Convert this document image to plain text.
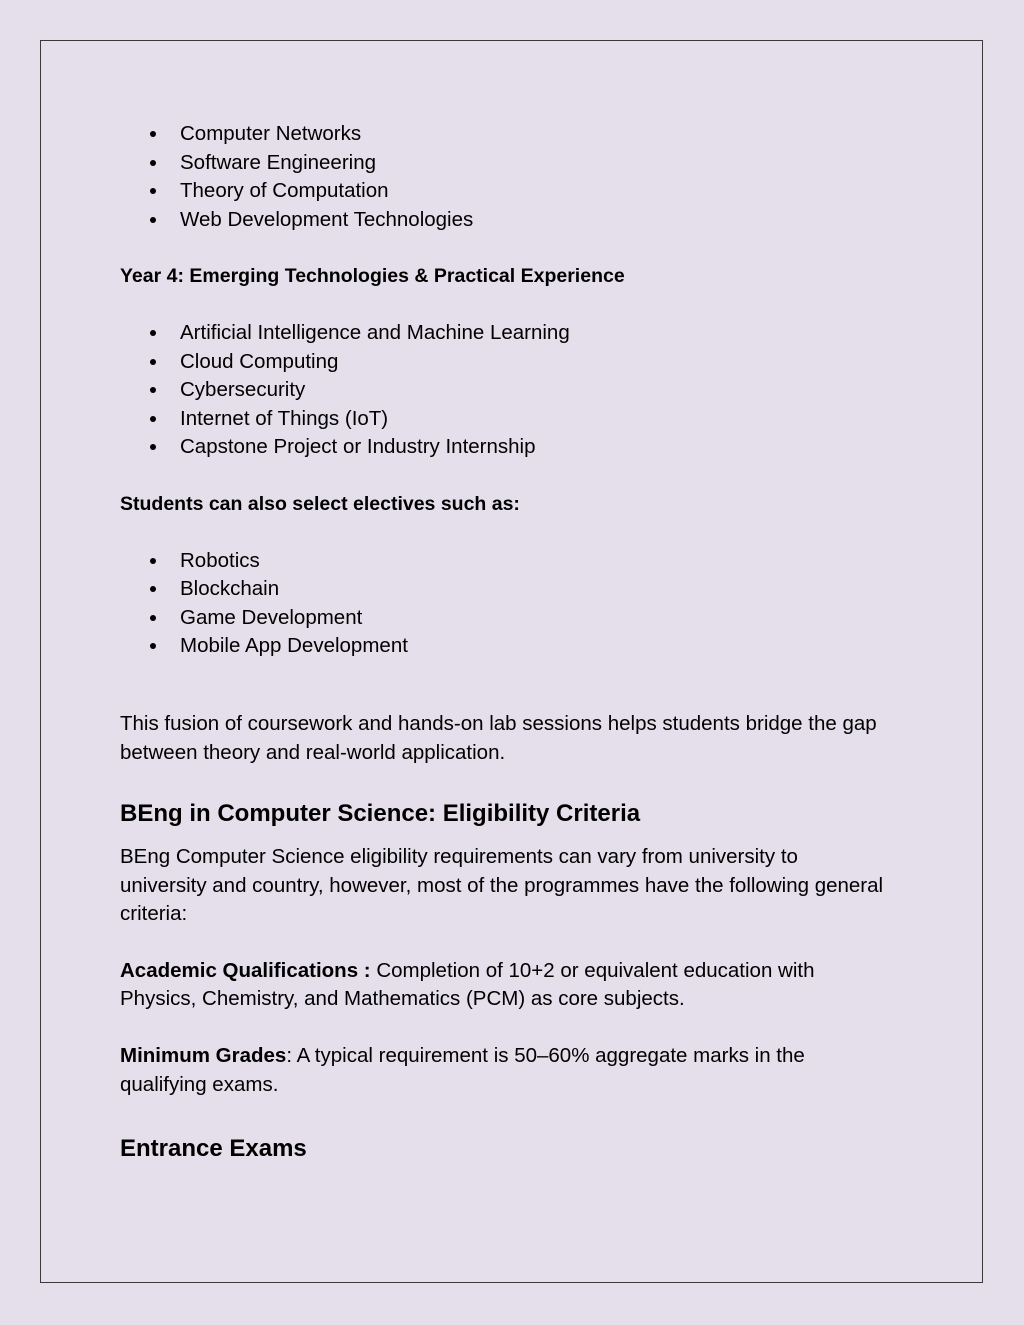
Computer Networks
Software Engineering
Theory of Computation
Web Development Technologies
Year 4: Emerging Technologies & Practical Experience
Artificial Intelligence and Machine Learning
Cloud Computing
Cybersecurity
Internet of Things (IoT)
Capstone Project or Industry Internship
Students can also select electives such as:
Robotics
Blockchain
Game Development
Mobile App Development

This fusion of coursework and hands-on lab sessions helps students bridge the gap between theory and real-world application.

BEng in Computer Science: Eligibility Criteria

BEng Computer Science eligibility requirements can vary from university to university and country, however, most of the programmes have the following general criteria:

Academic Qualifications : Completion of 10+2 or equivalent education with Physics, Chemistry, and Mathematics (PCM) as core subjects.

Minimum Grades: A typical requirement is 50–60% aggregate marks in the qualifying exams.

Entrance Exams
